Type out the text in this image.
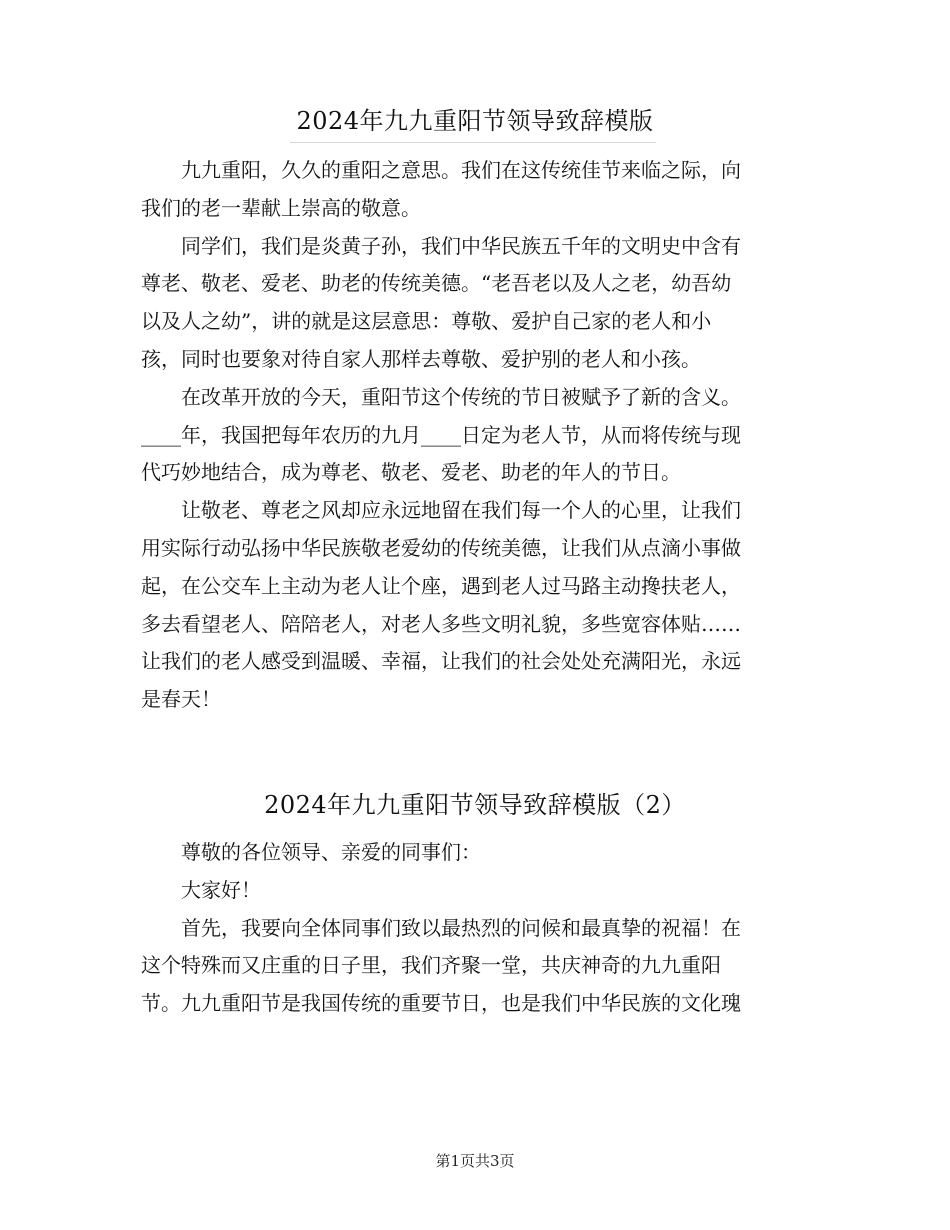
2024年九九重阳节领导致辞模版
九九重阳，久久的重阳之意思。我们在这传统佳节来临之际，向
我们的老一辈献上崇高的敬意。
同学们，我们是炎黄子孙，我们中华民族五千年的文明史中含有
尊老、敬老、爱老、助老的传统美德。“老吾老以及人之老，幼吾幼
以及人之幼”，讲的就是这层意思：尊敬、爱护自己家的老人和小
孩，同时也要象对待自家人那样去尊敬、爱护别的老人和小孩。
在改革开放的今天，重阳节这个传统的节日被赋予了新的含义。
____年，我国把每年农历的九月____日定为老人节，从而将传统与现
代巧妙地结合，成为尊老、敬老、爱老、助老的年人的节日。
让敬老、尊老之风却应永远地留在我们每一个人的心里，让我们
用实际行动弘扬中华民族敬老爱幼的传统美德，让我们从点滴小事做
起，在公交车上主动为老人让个座，遇到老人过马路主动搀扶老人，
多去看望老人、陪陪老人，对老人多些文明礼貌，多些宽容体贴……
让我们的老人感受到温暖、幸福，让我们的社会处处充满阳光，永远
是春天！
2024年九九重阳节领导致辞模版（2）
尊敬的各位领导、亲爱的同事们：
大家好！
首先，我要向全体同事们致以最热烈的问候和最真挚的祝福！在
这个特殊而又庄重的日子里，我们齐聚一堂，共庆神奇的九九重阳
节。九九重阳节是我国传统的重要节日，也是我们中华民族的文化瑰
第1页共3页
